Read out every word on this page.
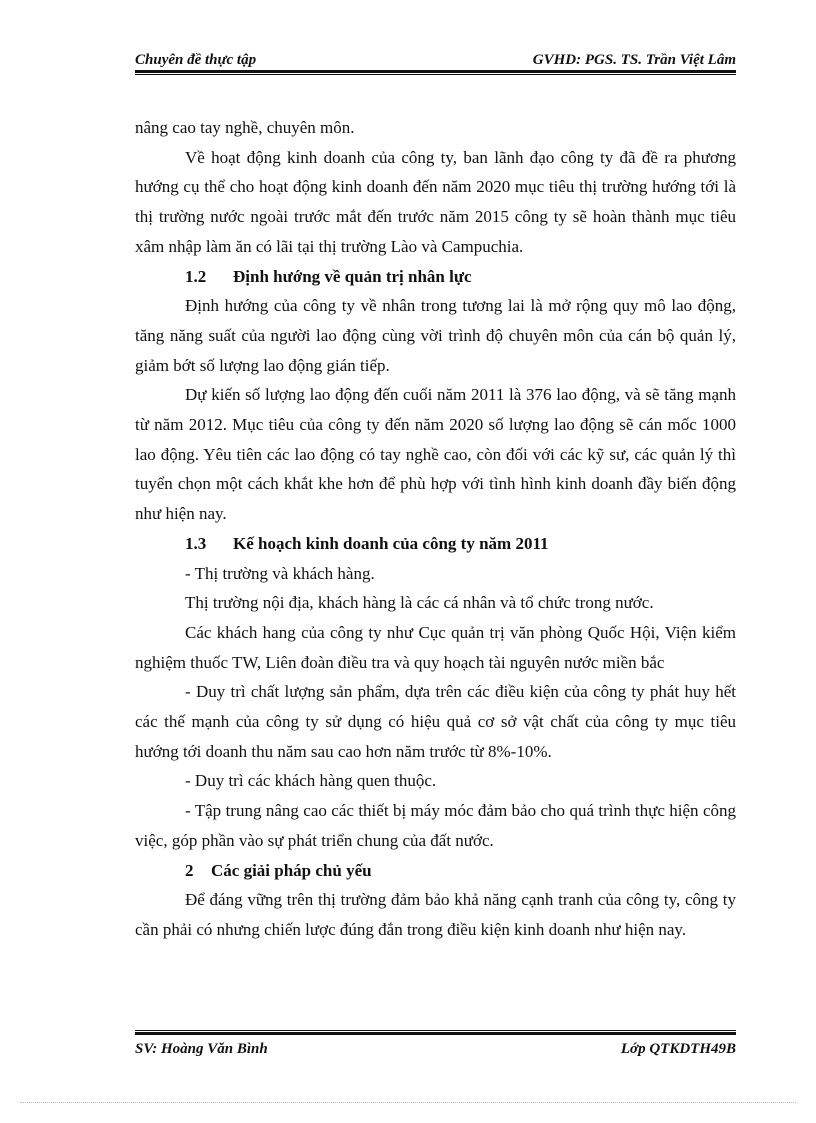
Chuyên đề thực tập	GVHD: PGS. TS. Trần Việt Lâm

nâng cao tay nghề, chuyên môn.

Về hoạt động kinh doanh của công ty, ban lãnh đạo công ty đã đề ra phương hướng cụ thể cho hoạt động kinh doanh đến năm 2020 mục tiêu thị trường hướng tới là thị trường nước ngoài trước mắt đến trước năm 2015 công ty sẽ hoàn thành mục tiêu xâm nhập làm ăn có lãi tại thị trường Lào và Campuchia.

1.2 Định hướng về quản trị nhân lực

Định hướng của công ty về nhân trong tương lai là mở rộng quy mô lao động, tăng năng suất của người lao động cùng vời trình độ chuyên môn của cán bộ quản lý, giảm bớt số lượng lao động gián tiếp.

Dự kiến số lượng lao động đến cuối năm 2011 là 376 lao động, và sẽ tăng mạnh từ năm 2012. Mục tiêu của công ty đến năm 2020 số lượng lao động sẽ cán mốc 1000 lao động. Yêu tiên các lao động có tay nghề cao, còn đối với các kỹ sư, các quản lý thì tuyển chọn một cách khắt khe hơn để phù hợp với tình hình kinh doanh đầy biến động như hiện nay.

1.3 Kế hoạch kinh doanh của công ty năm 2011

- Thị trường và khách hàng.

Thị trường nội địa, khách hàng là các cá nhân và tổ chức trong nước.

Các khách hang của công ty như Cục quản trị văn phòng Quốc Hội, Viện kiểm nghiệm thuốc TW, Liên đoàn điều tra và quy hoạch tài nguyên nước miền bắc

- Duy trì chất lượng sản phẩm, dựa trên các điều kiện của công ty phát huy hết các thế mạnh của công ty sử dụng có hiệu quả cơ sở vật chất của công ty mục tiêu hướng tới doanh thu năm sau cao hơn năm trước từ 8%-10%.

- Duy trì các khách hàng quen thuộc.

- Tập trung nâng cao các thiết bị máy móc đảm bảo cho quá trình thực hiện công việc, góp phần vào sự phát triển chung của đất nước.

2 Các giải pháp chủ yếu

Để đáng vững trên thị trường đảm bảo khả năng cạnh tranh của công ty, công ty cần phải có nhưng chiến lược đúng đắn trong điều kiện kinh doanh như hiện nay.

SV: Hoàng Văn Bình	Lớp QTKDTH49B
